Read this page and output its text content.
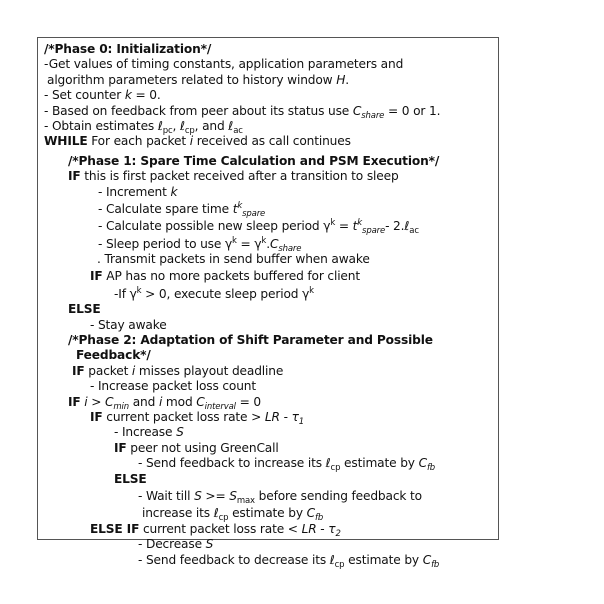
/*Phase 0: Initialization*/
-Get values of timing constants, application parameters and
algorithm parameters related to history window H.
- Set counter k = 0.
- Based on feedback from peer about its status use $C_{share} = 0$ or 1.
- Obtain estimates ℓ$_{pc}$, ℓ$_{cp}$, and ℓ$_{ac}$
WHILE For each packet i received as call continues
/*Phase 1: Spare Time Calculation and PSM Execution*/
IF this is first packet received after a transition to sleep
- Increment k
- Calculate spare time $t^k_{spare}$
- Calculate possible new sleep period $\gamma^k = t^k_{spare}-$ 2.ℓ$_{ac}$
- Sleep period to use $\gamma^k = \gamma^k.C_{share}$
. Transmit packets in send buffer when awake
IF AP has no more packets buffered for client
-If $\gamma^k > 0$, execute sleep period $\gamma^k$
ELSE
- Stay awake
/*Phase 2: Adaptation of Shift Parameter and Possible
Feedback*/
IF packet i misses playout deadline
- Increase packet loss count
IF $i > C_{min}$ and i mod $C_{interval} = 0$
IF current packet loss rate > LR - $\tau_1$
- Increase S
IF peer not using GreenCall
- Send feedback to increase its ℓ$_{cp}$ estimate by $C_{fb}$
ELSE
- Wait till $S >= S_{max}$ before sending feedback to
increase its ℓ$_{cp}$ estimate by $C_{fb}$
ELSE IF current packet loss rate < LR - $\tau_2$
- Decrease S
- Send feedback to decrease its ℓ$_{cp}$ estimate by $C_{fb}$
